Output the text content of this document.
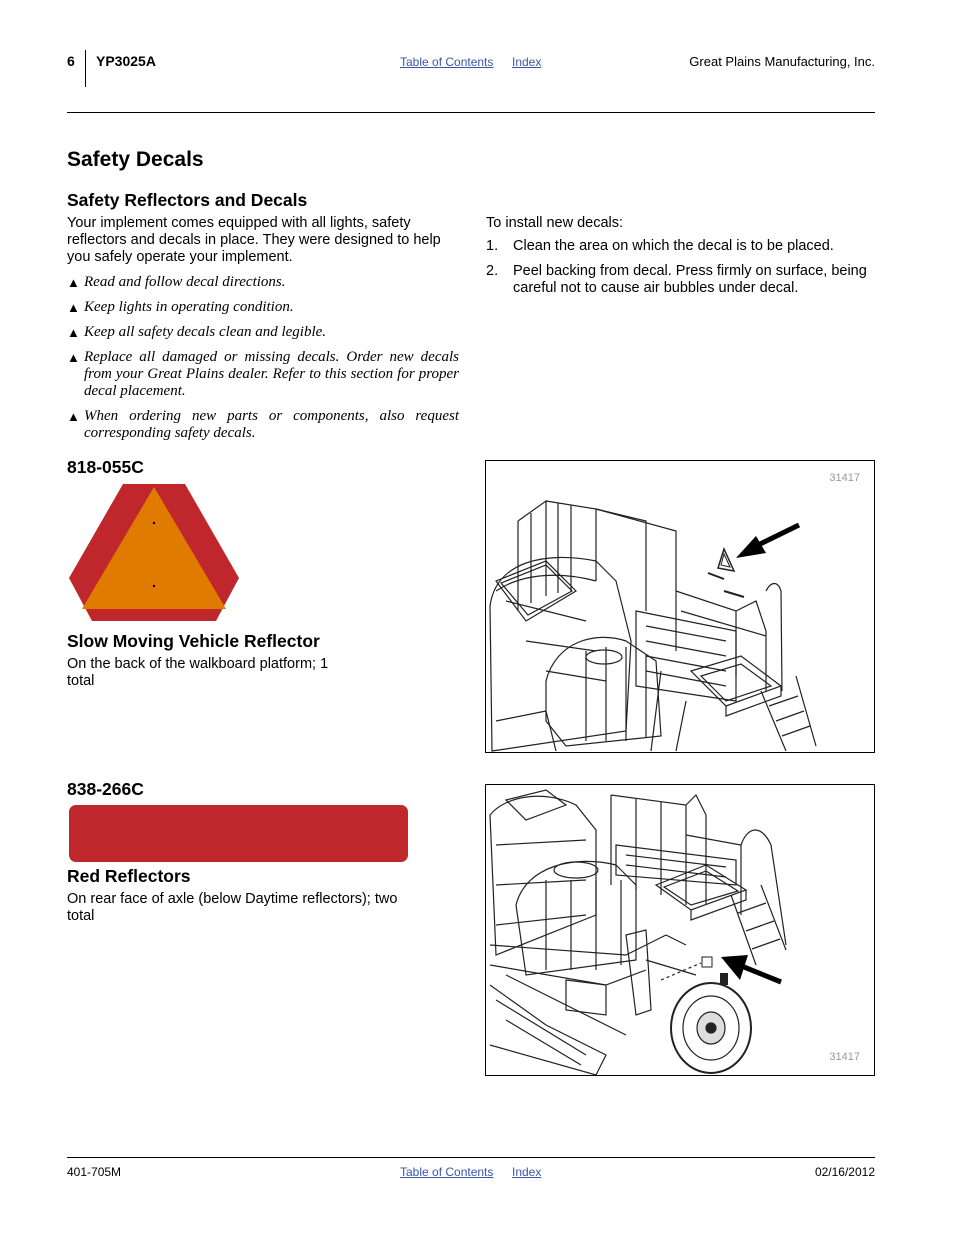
6 YP3025A	Table of Contents Index	Great Plains Manufacturing, Inc.
Safety Decals
Safety Reflectors and Decals

Your implement comes equipped with all lights, safety reflectors and decals in place. They were designed to help you safely operate your implement.

▲ Read and follow decal directions.
▲ Keep lights in operating condition.
▲ Keep all safety decals clean and legible.
▲ Replace all damaged or missing decals. Order new decals from your Great Plains dealer. Refer to this section for proper decal placement.
▲ When ordering new parts or components, also request corresponding safety decals.

To install new decals:

1. Clean the area on which the decal is to be placed.
2. Peel backing from decal. Press firmly on surface, being careful not to cause air bubbles under decal.
818-055C
Slow Moving Vehicle Reflector

On the back of the walkboard platform; 1 total

31417
838-266C
Red Reflectors

On rear face of axle (below Daytime reflectors); two total

31417
401-705M	Table of Contents Index	02/16/2012
